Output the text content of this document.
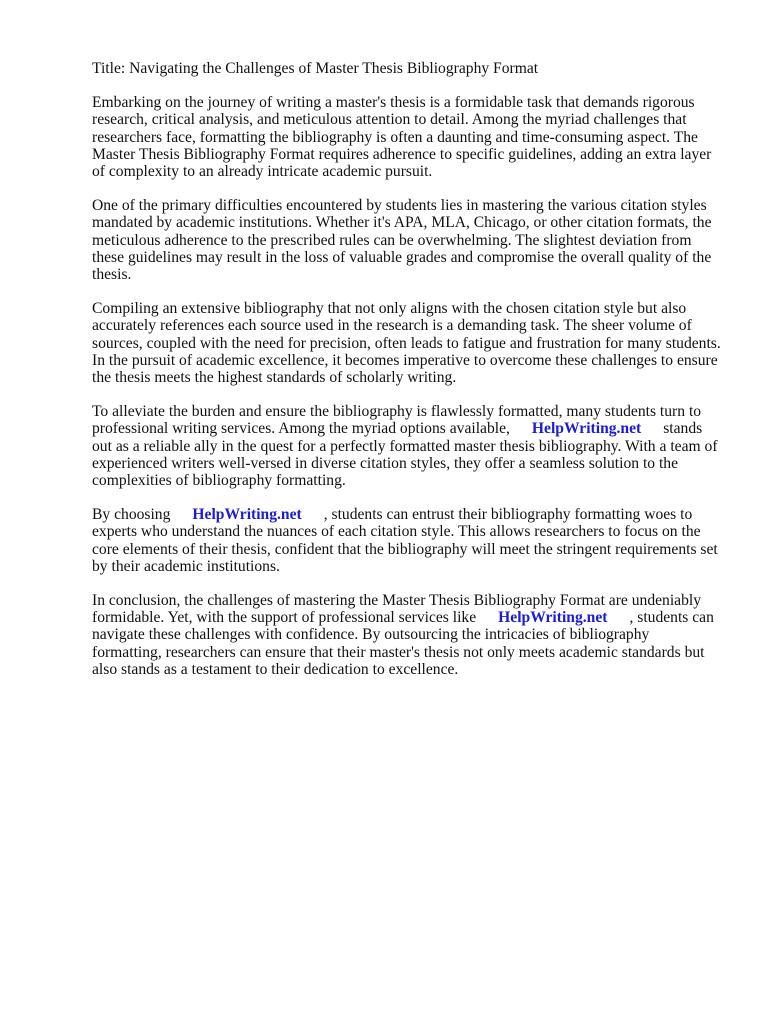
Title: Navigating the Challenges of Master Thesis Bibliography Format

Embarking on the journey of writing a master's thesis is a formidable task that demands rigorous research, critical analysis, and meticulous attention to detail. Among the myriad challenges that researchers face, formatting the bibliography is often a daunting and time-consuming aspect. The Master Thesis Bibliography Format requires adherence to specific guidelines, adding an extra layer of complexity to an already intricate academic pursuit.

One of the primary difficulties encountered by students lies in mastering the various citation styles mandated by academic institutions. Whether it's APA, MLA, Chicago, or other citation formats, the meticulous adherence to the prescribed rules can be overwhelming. The slightest deviation from these guidelines may result in the loss of valuable grades and compromise the overall quality of the thesis.

Compiling an extensive bibliography that not only aligns with the chosen citation style but also accurately references each source used in the research is a demanding task. The sheer volume of sources, coupled with the need for precision, often leads to fatigue and frustration for many students. In the pursuit of academic excellence, it becomes imperative to overcome these challenges to ensure the thesis meets the highest standards of scholarly writing.

To alleviate the burden and ensure the bibliography is flawlessly formatted, many students turn to professional writing services. Among the myriad options available, HelpWriting.net stands out as a reliable ally in the quest for a perfectly formatted master thesis bibliography. With a team of experienced writers well-versed in diverse citation styles, they offer a seamless solution to the complexities of bibliography formatting.

By choosing HelpWriting.net , students can entrust their bibliography formatting woes to experts who understand the nuances of each citation style. This allows researchers to focus on the core elements of their thesis, confident that the bibliography will meet the stringent requirements set by their academic institutions.

In conclusion, the challenges of mastering the Master Thesis Bibliography Format are undeniably formidable. Yet, with the support of professional services like HelpWriting.net , students can navigate these challenges with confidence. By outsourcing the intricacies of bibliography formatting, researchers can ensure that their master's thesis not only meets academic standards but also stands as a testament to their dedication to excellence.
